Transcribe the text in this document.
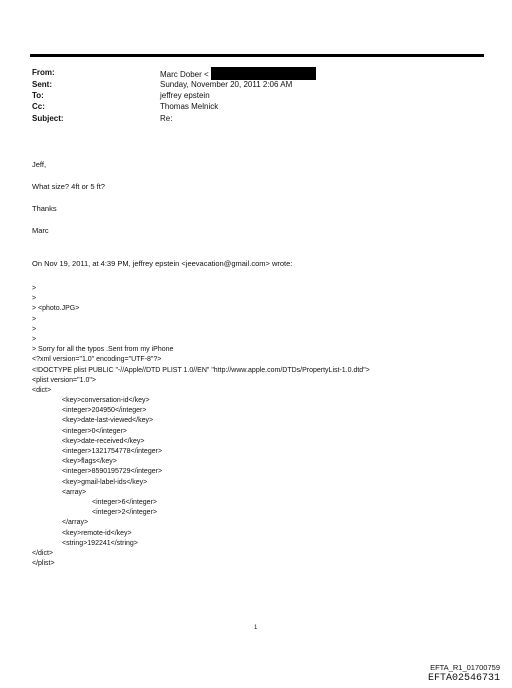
From:	Marc Dober <
Sent:	Sunday, November 20, 2011 2:06 AM
To:	jeffrey epstein
Cc:	Thomas Melnick
Subject:	Re:
Jeff,
What size? 4ft or 5 ft?
Thanks
Marc
On Nov 19, 2011, at 4:39 PM, jeffrey epstein <jeevacation@gmail.com> wrote:
>
>
> <photo.JPG>
>
>
>
> Sorry for all the typos .Sent from my iPhone
<?xml version="1.0" encoding="UTF-8"?>
<!DOCTYPE plist PUBLIC "-//Apple//DTD PLIST 1.0//EN" "http://www.apple.com/DTDs/PropertyList-1.0.dtd">
<plist version="1.0">
<dict>
<key>conversation-id</key>
<integer>204950</integer>
<key>date-last-viewed</key>
<integer>0</integer>
<key>date-received</key>
<integer>1321754778</integer>
<key>flags</key>
<integer>8590195729</integer>
<key>gmail-label-ids</key>
<array>
<integer>6</integer>
<integer>2</integer>
</array>
<key>remote-id</key>
<string>192241</string>
</dict>
</plist>
1
EFTA_R1_01700759
EFTA02546731
